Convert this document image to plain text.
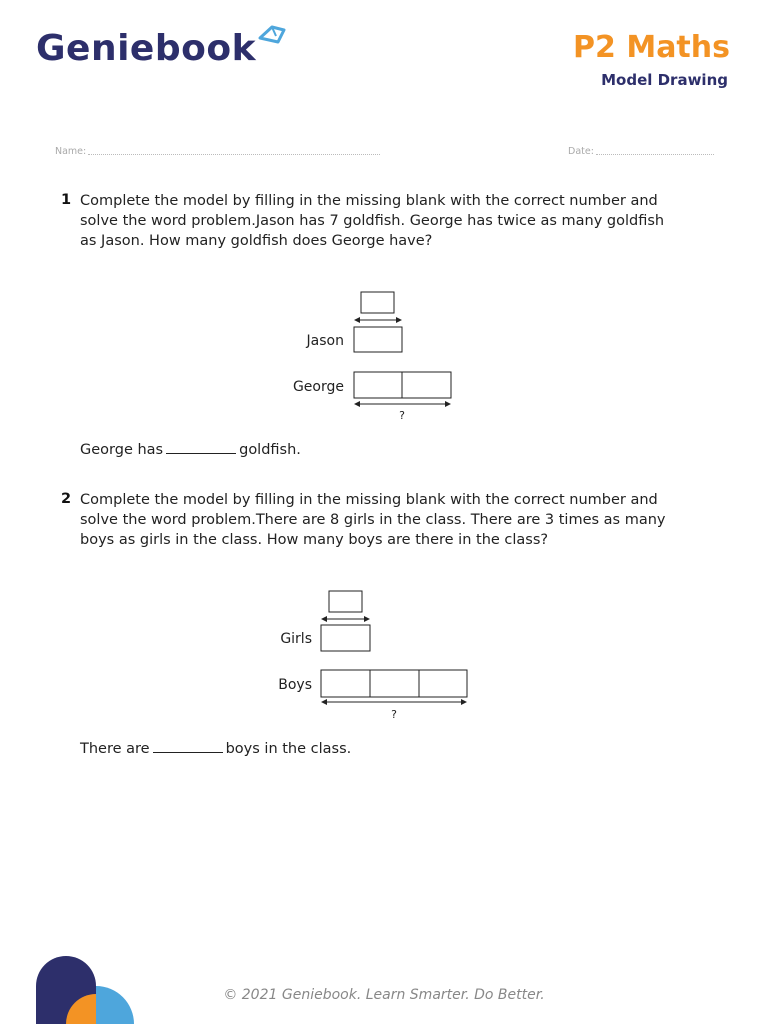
Geniebook	P2 Maths
Model Drawing
Name:	Date:
1 Complete the model by filling in the missing blank with the correct number and solve the word problem.Jason has 7 goldfish. George has twice as many goldfish as Jason. How many goldfish does George have?
Jason
George
?
Girls
Boys
?
George has	goldfish.
2 Complete the model by filling in the missing blank with the correct number and solve the word problem.There are 8 girls in the class. There are 3 times as many boys as girls in the class. How many boys are there in the class?
There are	boys in the class.
© 2021 Geniebook. Learn Smarter. Do Better.
